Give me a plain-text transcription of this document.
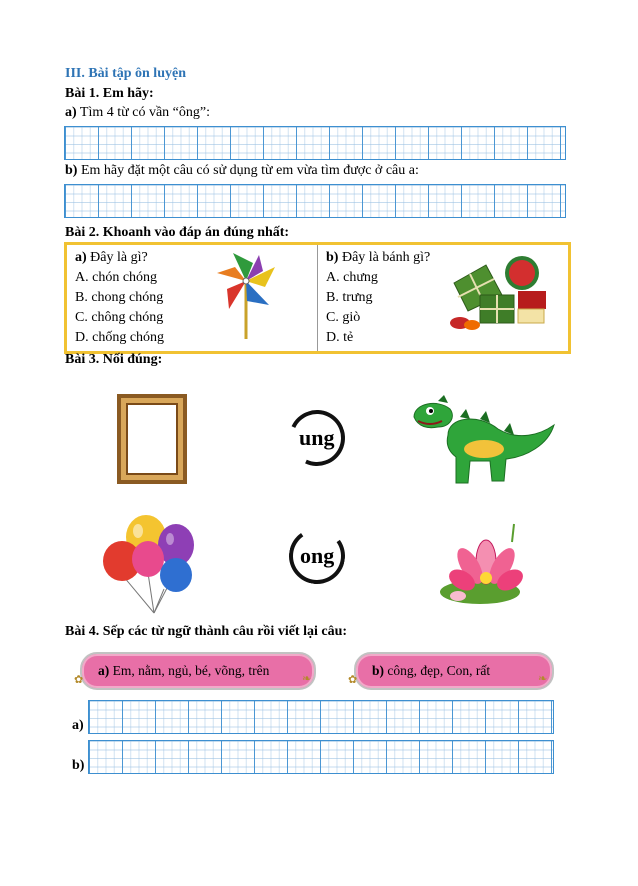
III. Bài tập ôn luyện
Bài 1. Em hãy:
a) Tìm 4 từ có vần “ông”:
b) Em hãy đặt một câu có sử dụng từ em vừa tìm được ở câu a:
Bài 2. Khoanh vào đáp án đúng nhất:
a) Đây là gì?
A. chón chóng
B. chong chóng
C. chông chóng
D. chống chóng

b) Đây là bánh gì?
A. chưng
B. trưng
C. giò
D. tẻ
Bài 3. Nối đúng:
ung
ong
Bài 4. Sếp các từ ngữ thành câu rồi viết lại câu:
a) Em, nằm, ngủ, bé, võng, trên
✿	❧
b) công, đẹp, Con, rất
✿	❧
a)
b)
